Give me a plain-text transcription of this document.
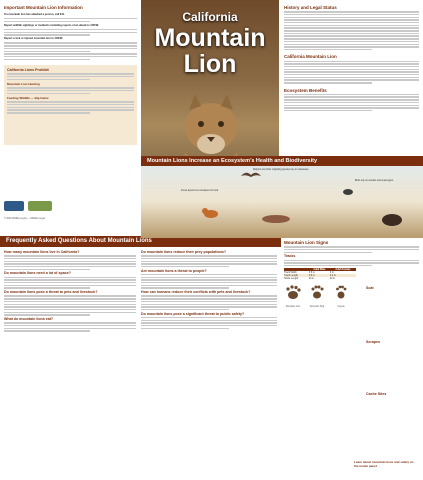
Important Mountain Lion Information
If a mountain lion has attacked a person, call 911.
Report wildlife sightings or incidents including reports of an attack to CDFW.
Report a sick or injured mountain lion to CDFW.
California Lions Prohibit
Mountain Lion Hunting
Feeding Wildlife — Big Game
© 2020 Wildlife.ca.gov — Wildlife.ca.gov
California
Mountain
Lion
History and Legal Status
California Mountain Lion
Ecosystem Benefits
Frequently Asked Questions About Mountain Lions
How many mountain lions live in California?
Do mountain lions need a lot of space?
Do mountain lions pose a threat to pets and livestock?
What do mountain lions eat?
Do mountain lions reduce their prey populations?
Are mountain lions a threat to people?
How can humans reduce their conflicts with pets and livestock?
Do mountain lions pose a significant threat to public safety?
Mountain Lion Signs
Tracks
	Adult Male	Adult Female
Track Width	3.5 in.	3 in.
Track Length	3.8 in.	3.2 in.
Stride Length	40 in.	32 in.
Mountain Lion	Domestic Dog	Coyote
Scat
Scrapes
Cache Sites
Learn about mountain lions and safety on the inside panel.
Mountain Lions Increase an Ecosystem’s Health and Biodiversity
Raptors and other migrating species rely on carcasses.
Foxes depend on carcasses for food.
Birds rely on carcass and scavengers.
